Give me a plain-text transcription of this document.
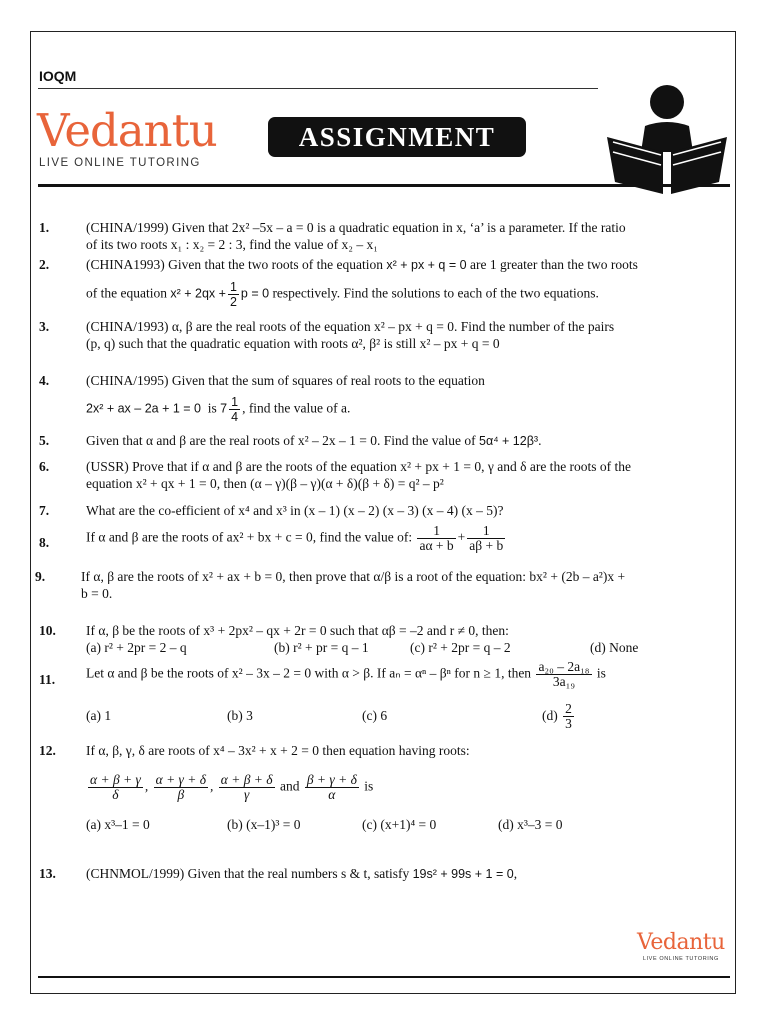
IOQM
Vedantu
LIVE ONLINE TUTORING
ASSIGNMENT
1.	(CHINA/1999) Given that 2x² –5x – a = 0 is a quadratic equation in x, ‘a’ is a parameter. If the ratio
of its two roots x₁ : x₂ = 2 : 3, find the value of x₂ – x₁
2.	(CHINA1993) Given that the two roots of the equation x² + px + q = 0 are 1 greater than the two roots
of the equation $x^2 + 2qx + \frac{1}{2}$ p = 0 respectively. Find the solutions to each of the two equations.
3.	(CHINA/1993) α, β are the real roots of the equation x² – px + q = 0. Find the number of the pairs
(p, q) such that the quadratic equation with roots α², β² is still x² – px + q = 0
4.	(CHINA/1995) Given that the sum of squares of real roots to the equation
2x² + ax – 2a + 1 = 0 is $7 \frac{1}{4}$ , find the value of a.
5.	Given that α and β are the real roots of x² – 2x – 1 = 0. Find the value of 5α⁴ + 12β³.
6.	(USSR) Prove that if α and β are the roots of the equation x² + px + 1 = 0, γ and δ are the roots of the
equation x² + qx + 1 = 0, then (α – γ)(β – γ)(α + δ)(β + δ) = q² – p²
7.	What are the co-efficient of x⁴ and x³ in (x – 1) (x – 2) (x – 3) (x – 4) (x – 5)?
8.	If α and β are the roots of ax² + bx + c = 0, find the value of: $\frac{1}{a\alpha + b} + \frac{1}{a\beta + b}$
9.	If α, β are the roots of x² + ax + b = 0, then prove that α/β is a root of the equation: bx² + (2b – a²)x +
b = 0.
10. If α, β be the roots of x³ + 2px² – qx + 2r = 0 such that αβ = –2 and r ≠ 0, then:
(a) r² + 2pr = 2 – q	(b) r² + pr = q – 1	(c) r² + 2pr = q – 2	(d) None
11. Let α and β be the roots of x² – 3x – 2 = 0 with α > β. If aₙ = αⁿ – βⁿ for n ≥ 1, then $\frac{\text{a₂₀ – 2a₁₈}}{\text{3a₁₉}}$ is
(a) 1	(b) 3	(c) 6	$(d) \frac{2}{3}$
12. If α, β, γ, δ are roots of x⁴ – 3x² + x + 2 = 0 then equation having roots:
$\frac{\alpha + \beta + \gamma}{\delta}$ , $\frac{\alpha + \gamma + \delta}{\beta}$ , $\frac{\alpha + \beta + \delta}{\gamma}$ and $\frac{\beta + \gamma + \delta}{\alpha}$ is
(a) x³–1 = 0	(b) (x–1)³ = 0	(c) (x+1)⁴ = 0	(d) x³–3 = 0
13. (CHNMOL/1999) Given that the real numbers s & t, satisfy 19s² + 99s + 1 = 0,
Vedantu
LIVE ONLINE TUTORING
